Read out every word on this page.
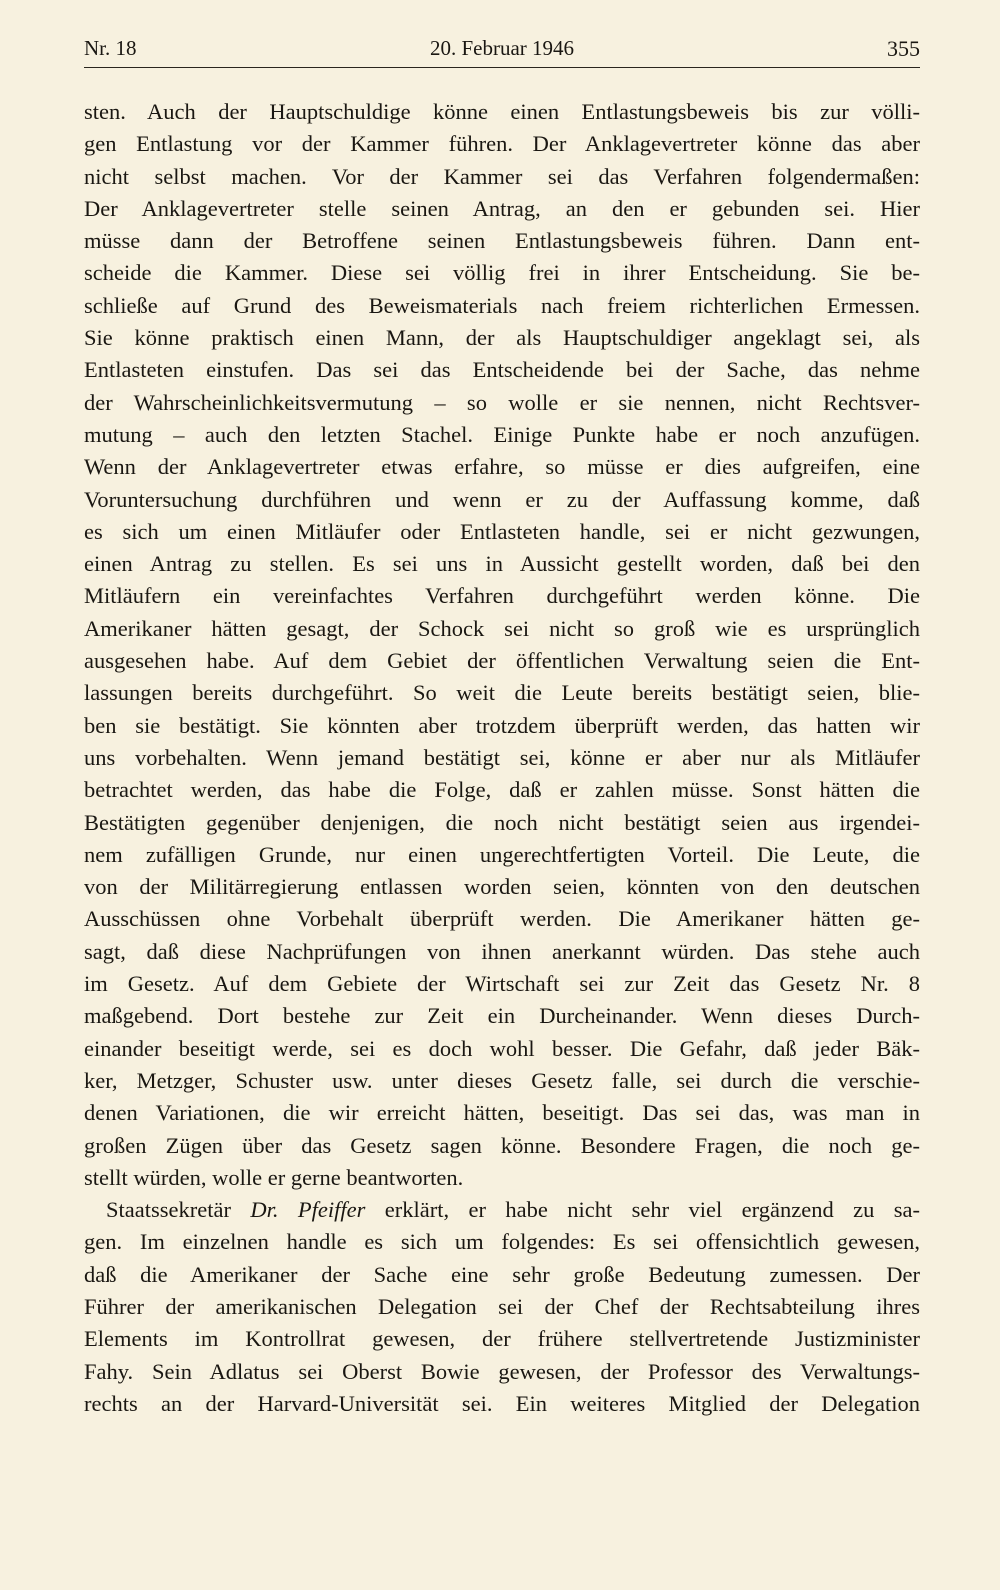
Nr. 18	20. Februar 1946	355
sten. Auch der Hauptschuldige könne einen Entlastungsbeweis bis zur völli-
gen Entlastung vor der Kammer führen. Der Anklagevertreter könne das aber
nicht selbst machen. Vor der Kammer sei das Verfahren folgendermaßen:
Der Anklagevertreter stelle seinen Antrag, an den er gebunden sei. Hier
müsse dann der Betroffene seinen Entlastungsbeweis führen. Dann ent-
scheide die Kammer. Diese sei völlig frei in ihrer Entscheidung. Sie be-
schließe auf Grund des Beweismaterials nach freiem richterlichen Ermessen.
Sie könne praktisch einen Mann, der als Hauptschuldiger angeklagt sei, als
Entlasteten einstufen. Das sei das Entscheidende bei der Sache, das nehme
der Wahrscheinlichkeitsvermutung – so wolle er sie nennen, nicht Rechtsver-
mutung – auch den letzten Stachel. Einige Punkte habe er noch anzufügen.
Wenn der Anklagevertreter etwas erfahre, so müsse er dies aufgreifen, eine
Voruntersuchung durchführen und wenn er zu der Auffassung komme, daß
es sich um einen Mitläufer oder Entlasteten handle, sei er nicht gezwungen,
einen Antrag zu stellen. Es sei uns in Aussicht gestellt worden, daß bei den
Mitläufern ein vereinfachtes Verfahren durchgeführt werden könne. Die
Amerikaner hätten gesagt, der Schock sei nicht so groß wie es ursprünglich
ausgesehen habe. Auf dem Gebiet der öffentlichen Verwaltung seien die Ent-
lassungen bereits durchgeführt. So weit die Leute bereits bestätigt seien, blie-
ben sie bestätigt. Sie könnten aber trotzdem überprüft werden, das hatten wir
uns vorbehalten. Wenn jemand bestätigt sei, könne er aber nur als Mitläufer
betrachtet werden, das habe die Folge, daß er zahlen müsse. Sonst hätten die
Bestätigten gegenüber denjenigen, die noch nicht bestätigt seien aus irgendei-
nem zufälligen Grunde, nur einen ungerechtfertigten Vorteil. Die Leute, die
von der Militärregierung entlassen worden seien, könnten von den deutschen
Ausschüssen ohne Vorbehalt überprüft werden. Die Amerikaner hätten ge-
sagt, daß diese Nachprüfungen von ihnen anerkannt würden. Das stehe auch
im Gesetz. Auf dem Gebiete der Wirtschaft sei zur Zeit das Gesetz Nr. 8
maßgebend. Dort bestehe zur Zeit ein Durcheinander. Wenn dieses Durch-
einander beseitigt werde, sei es doch wohl besser. Die Gefahr, daß jeder Bäk-
ker, Metzger, Schuster usw. unter dieses Gesetz falle, sei durch die verschie-
denen Variationen, die wir erreicht hätten, beseitigt. Das sei das, was man in
großen Zügen über das Gesetz sagen könne. Besondere Fragen, die noch ge-
stellt würden, wolle er gerne beantworten.
Staatssekretär Dr. Pfeiffer erklärt, er habe nicht sehr viel ergänzend zu sa-
gen. Im einzelnen handle es sich um folgendes: Es sei offensichtlich gewesen,
daß die Amerikaner der Sache eine sehr große Bedeutung zumessen. Der
Führer der amerikanischen Delegation sei der Chef der Rechtsabteilung ihres
Elements im Kontrollrat gewesen, der frühere stellvertretende Justizminister
Fahy. Sein Adlatus sei Oberst Bowie gewesen, der Professor des Verwaltungs-
rechts an der Harvard-Universität sei. Ein weiteres Mitglied der Delegation
